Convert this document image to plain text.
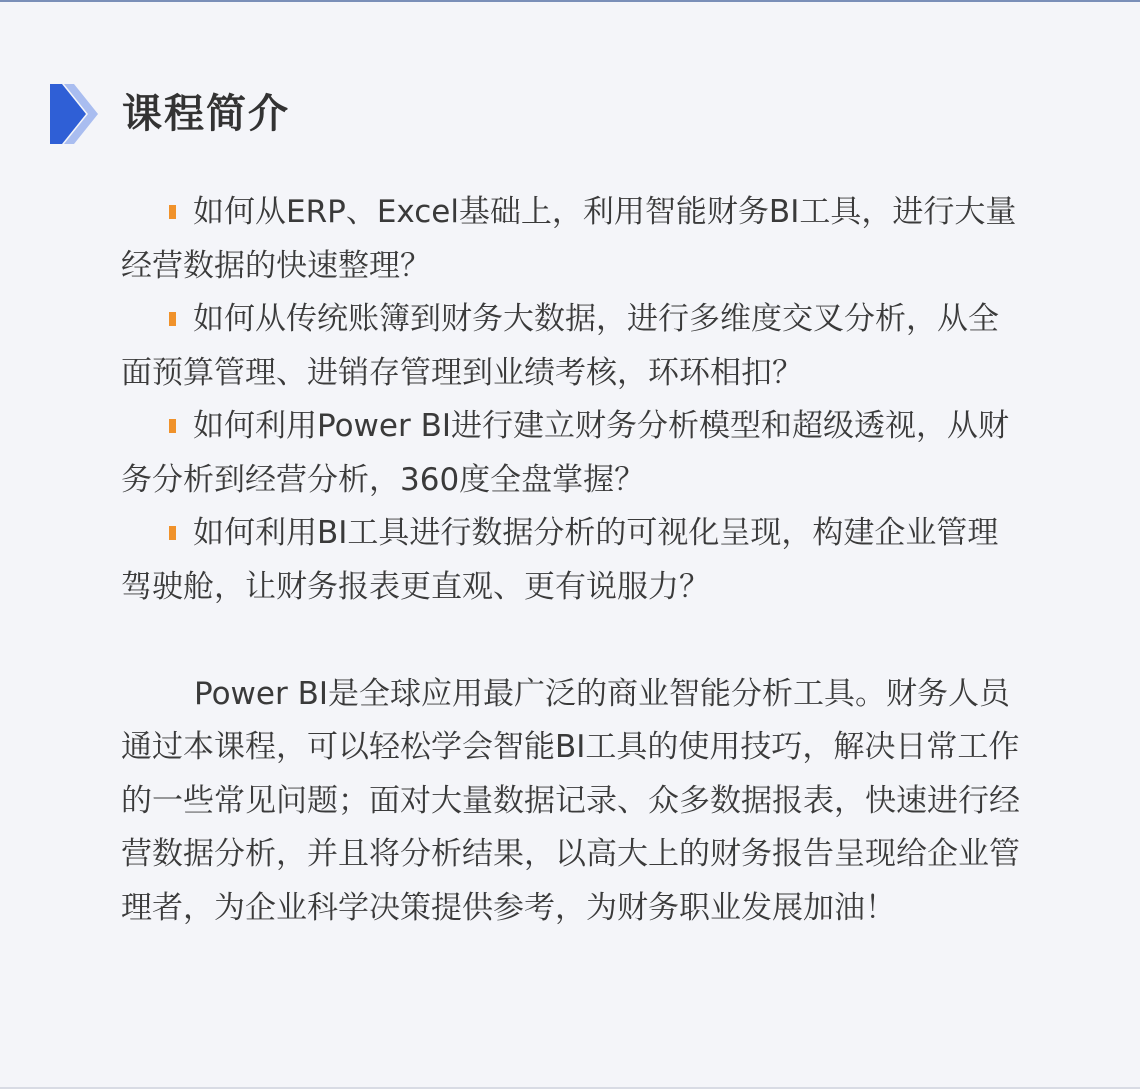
课程简介

如何从ERP、Excel基础上，利用智能财务BI工具，进行大量经营数据的快速整理？

如何从传统账簿到财务大数据，进行多维度交叉分析，从全面预算管理、进销存管理到业绩考核，环环相扣？

如何利用Power BI进行建立财务分析模型和超级透视，从财务分析到经营分析，360度全盘掌握？

如何利用BI工具进行数据分析的可视化呈现，构建企业管理驾驶舱，让财务报表更直观、更有说服力？

Power BI是全球应用最广泛的商业智能分析工具。财务人员通过本课程，可以轻松学会智能BI工具的使用技巧，解决日常工作的一些常见问题；面对大量数据记录、众多数据报表，快速进行经营数据分析，并且将分析结果，以高大上的财务报告呈现给企业管理者，为企业科学决策提供参考，为财务职业发展加油！
